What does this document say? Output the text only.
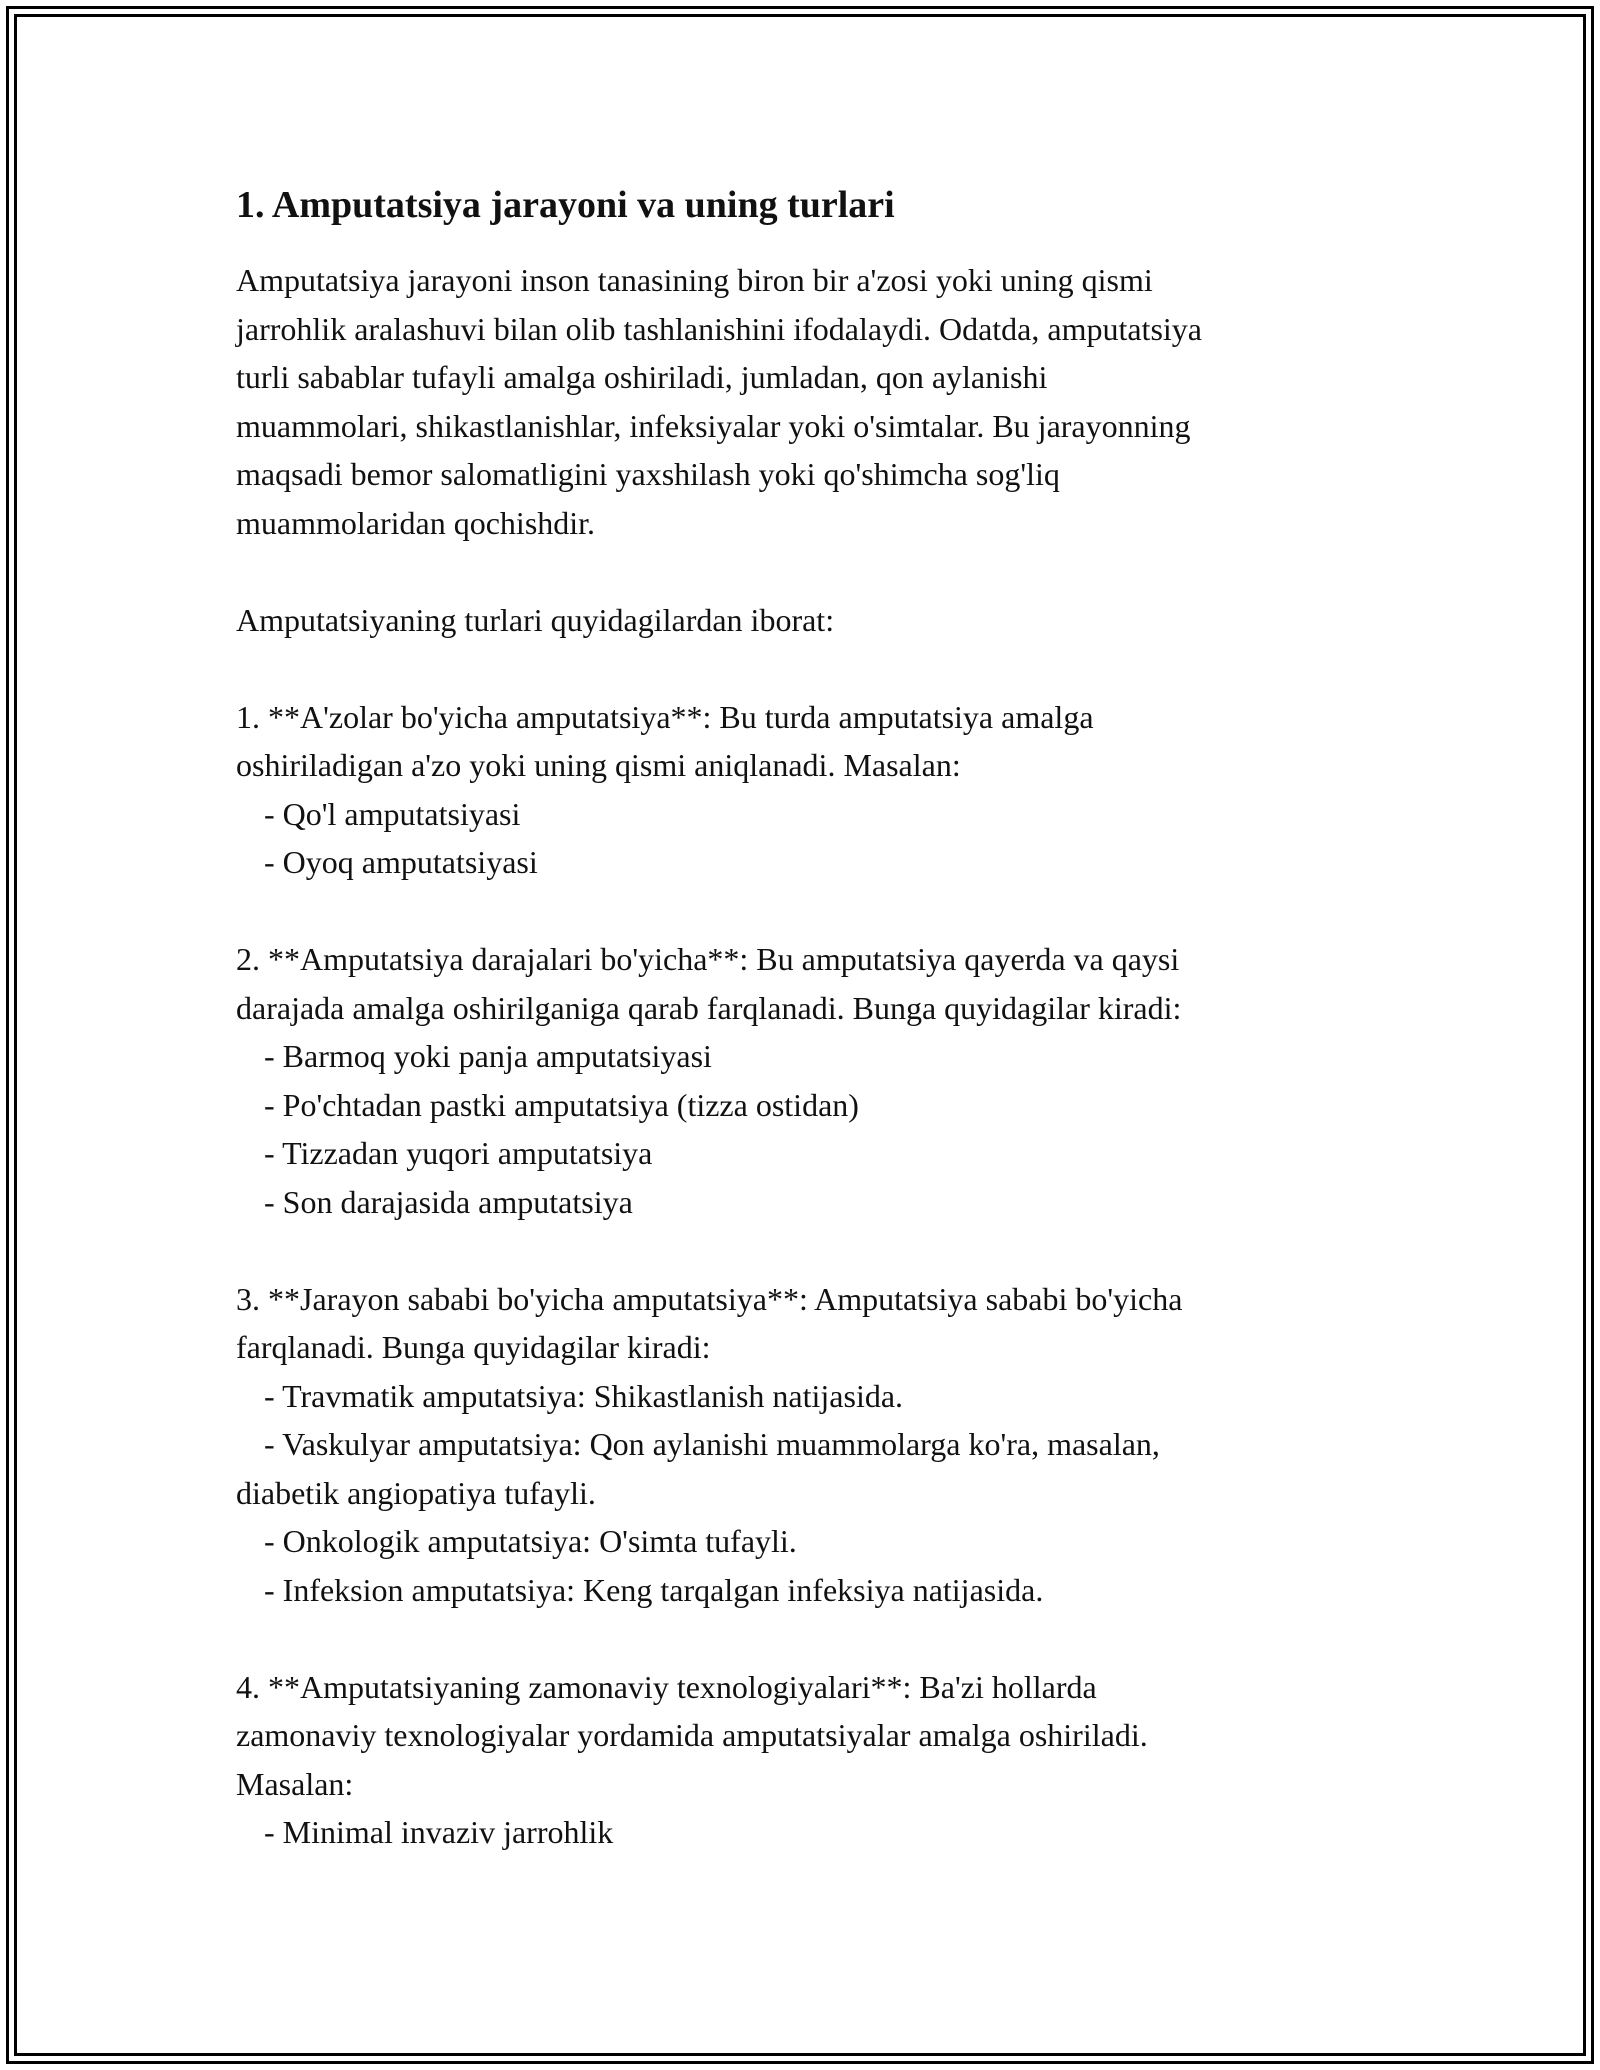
1. Amputatsiya jarayoni va uning turlari
Amputatsiya jarayoni inson tanasining biron bir a'zosi yoki uning qismi
jarrohlik aralashuvi bilan olib tashlanishini ifodalaydi. Odatda, amputatsiya
turli sabablar tufayli amalga oshiriladi, jumladan, qon aylanishi
muammolari, shikastlanishlar, infeksiyalar yoki o'simtalar. Bu jarayonning
maqsadi bemor salomatligini yaxshilash yoki qo'shimcha sog'liq
muammolaridan qochishdir.
Amputatsiyaning turlari quyidagilardan iborat:
1. **A'zolar bo'yicha amputatsiya**: Bu turda amputatsiya amalga
oshiriladigan a'zo yoki uning qismi aniqlanadi. Masalan:
- Qo'l amputatsiyasi
- Oyoq amputatsiyasi
2. **Amputatsiya darajalari bo'yicha**: Bu amputatsiya qayerda va qaysi
darajada amalga oshirilganiga qarab farqlanadi. Bunga quyidagilar kiradi:
- Barmoq yoki panja amputatsiyasi
- Po'chtadan pastki amputatsiya (tizza ostidan)
- Tizzadan yuqori amputatsiya
- Son darajasida amputatsiya
3. **Jarayon sababi bo'yicha amputatsiya**: Amputatsiya sababi bo'yicha
farqlanadi. Bunga quyidagilar kiradi:
- Travmatik amputatsiya: Shikastlanish natijasida.
- Vaskulyar amputatsiya: Qon aylanishi muammolarga ko'ra, masalan,
diabetik angiopatiya tufayli.
- Onkologik amputatsiya: O'simta tufayli.
- Infeksion amputatsiya: Keng tarqalgan infeksiya natijasida.
4. **Amputatsiyaning zamonaviy texnologiyalari**: Ba'zi hollarda
zamonaviy texnologiyalar yordamida amputatsiyalar amalga oshiriladi.
Masalan:
- Minimal invaziv jarrohlik
